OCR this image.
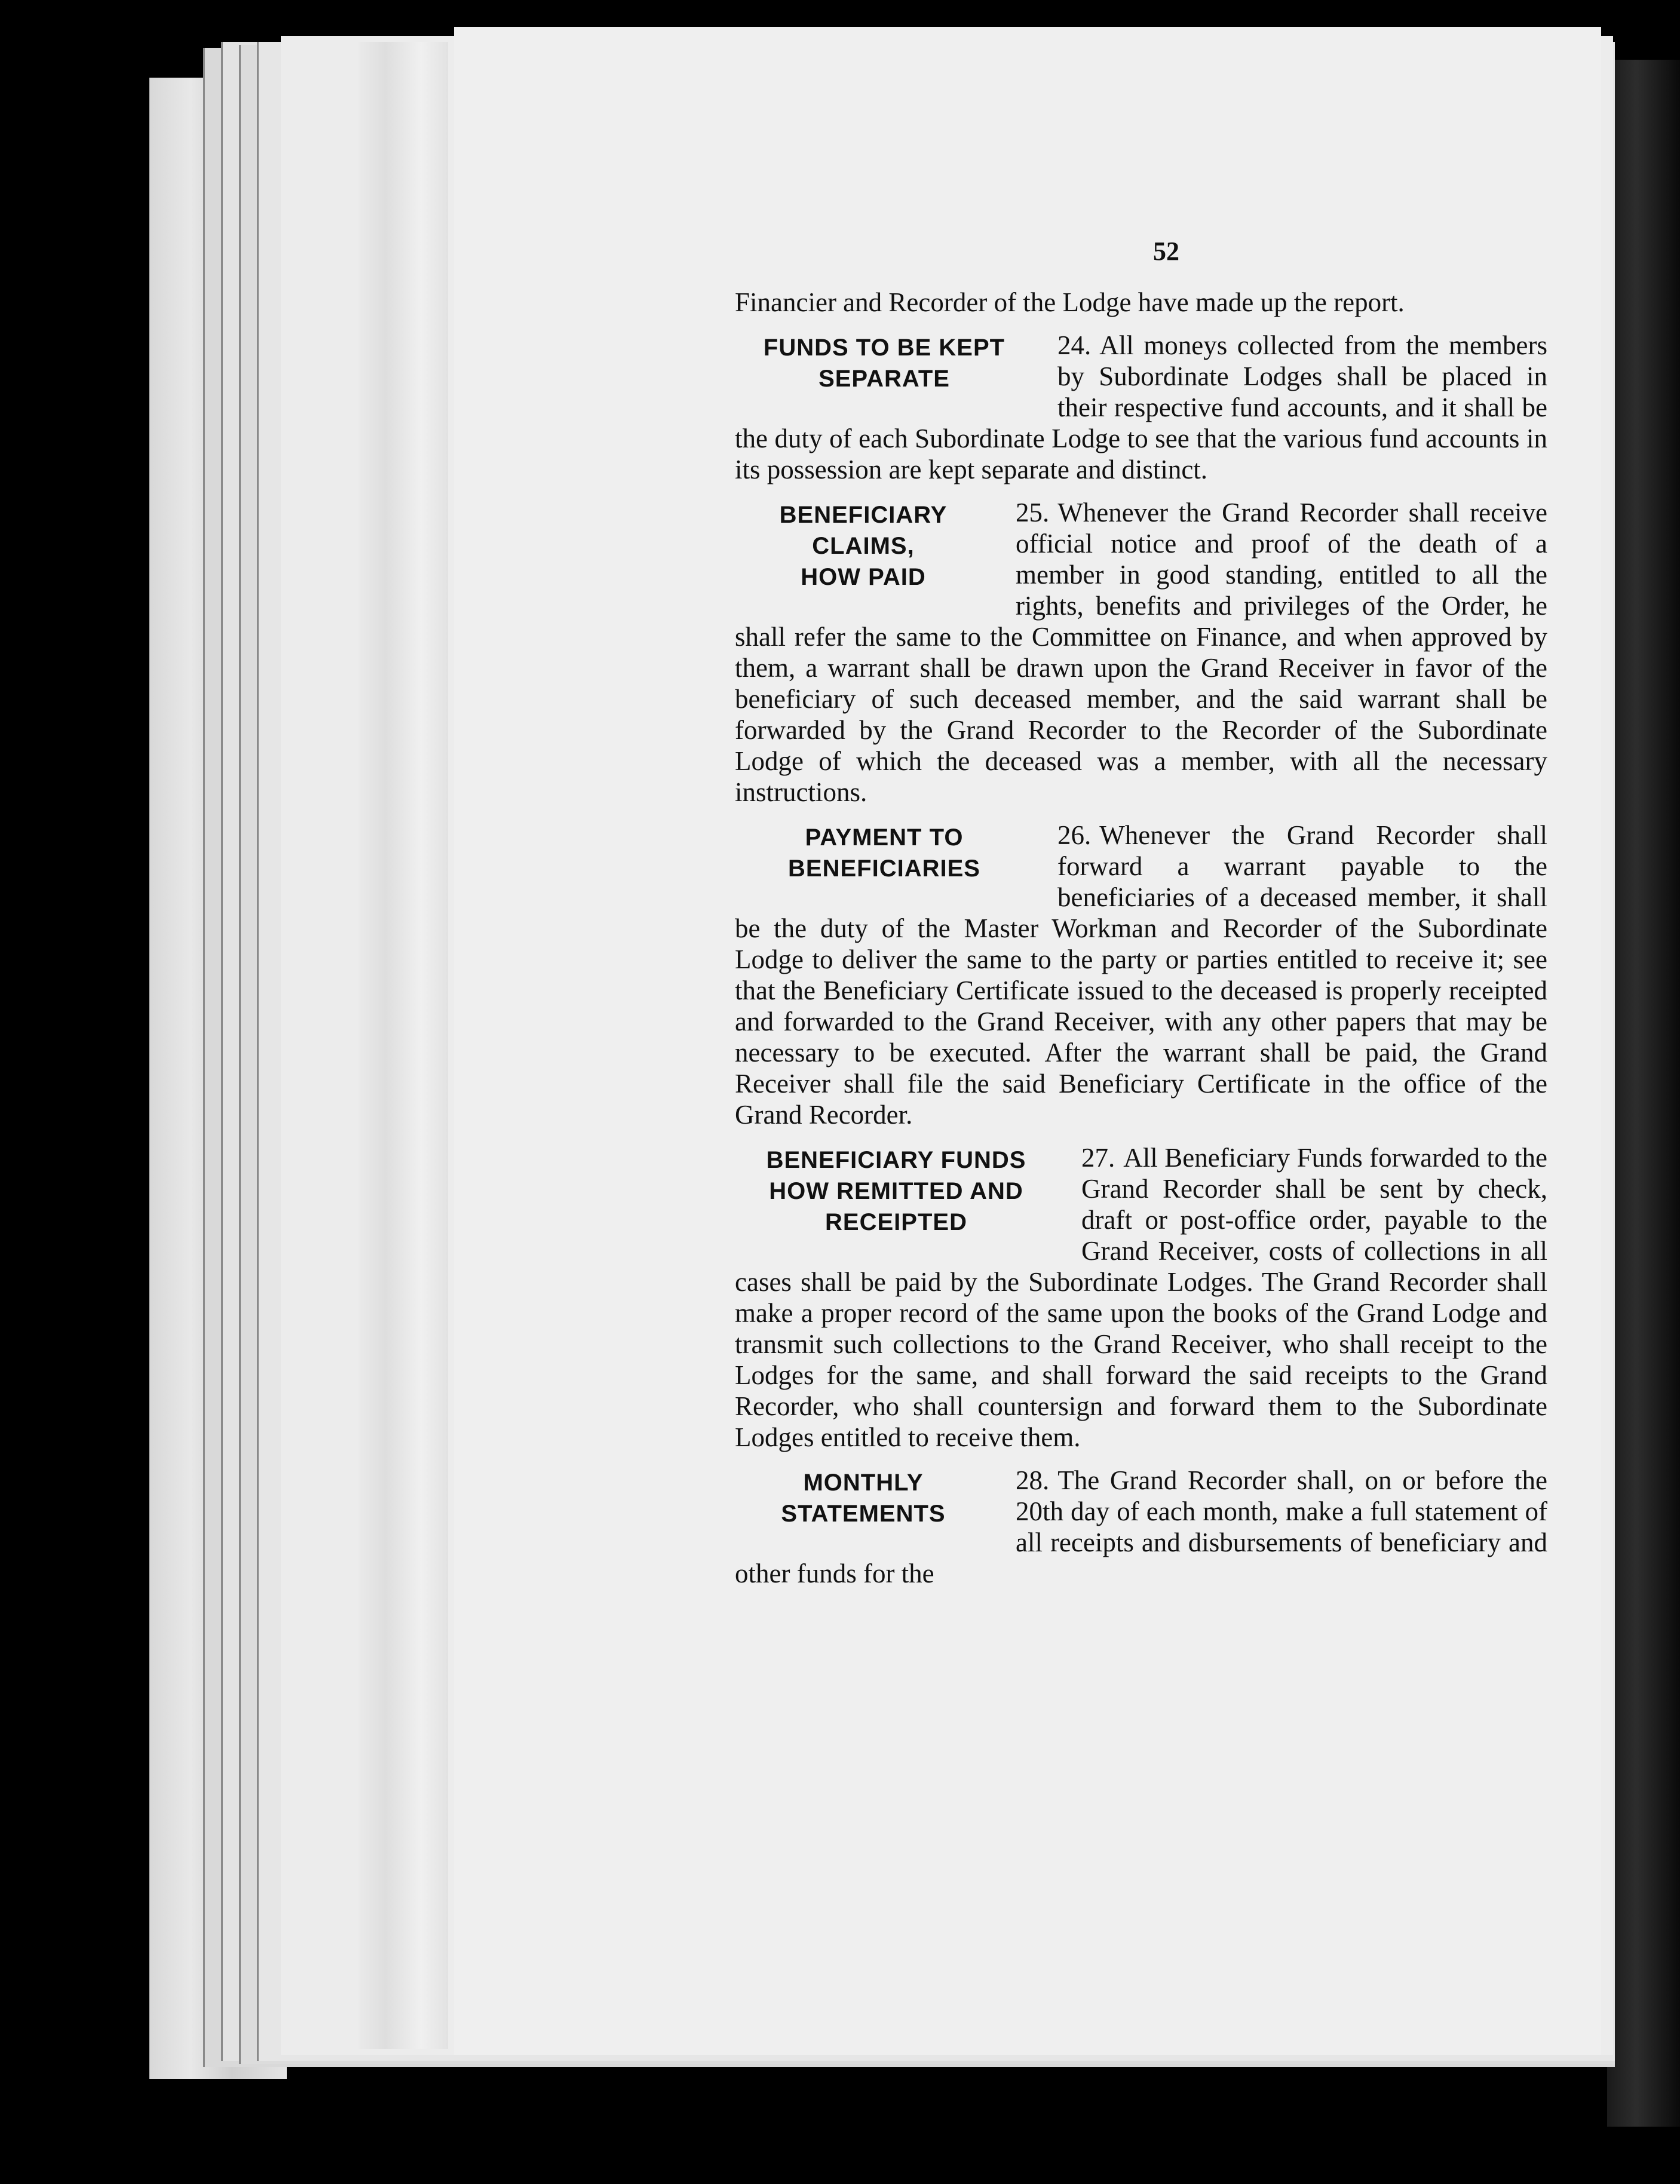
52

Financier and Recorder of the Lodge have made up the report.

FUNDS TO BE KEPT
SEPARATE

24. All moneys collected from the members by Subordinate Lodges shall be placed in their respective fund accounts, and it shall be the duty of each Subordinate Lodge to see that the various fund accounts in its possession are kept separate and distinct.

BENEFICIARY
CLAIMS,
HOW PAID

25. Whenever the Grand Recorder shall receive official notice and proof of the death of a member in good standing, entitled to all the rights, benefits and privileges of the Order, he shall refer the same to the Committee on Finance, and when approved by them, a warrant shall be drawn upon the Grand Receiver in favor of the beneficiary of such deceased member, and the said warrant shall be forwarded by the Grand Recorder to the Recorder of the Subordinate Lodge of which the deceased was a member, with all the necessary instructions.

PAYMENT TO
BENEFICIARIES

26. Whenever the Grand Recorder shall forward a warrant payable to the beneficiaries of a deceased member, it shall be the duty of the Master Workman and Recorder of the Subordinate Lodge to deliver the same to the party or parties entitled to receive it; see that the Beneficiary Certificate issued to the deceased is properly receipted and forwarded to the Grand Receiver, with any other papers that may be necessary to be executed. After the warrant shall be paid, the Grand Receiver shall file the said Beneficiary Certificate in the office of the Grand Recorder.

BENEFICIARY FUNDS
HOW REMITTED AND
RECEIPTED

27. All Beneficiary Funds forwarded to the Grand Recorder shall be sent by check, draft or post-office order, payable to the Grand Receiver, costs of collections in all cases shall be paid by the Subordinate Lodges. The Grand Recorder shall make a proper record of the same upon the books of the Grand Lodge and transmit such collections to the Grand Receiver, who shall receipt to the Lodges for the same, and shall forward the said receipts to the Grand Recorder, who shall countersign and forward them to the Subordinate Lodges entitled to receive them.

MONTHLY
STATEMENTS

28. The Grand Recorder shall, on or before the 20th day of each month, make a full statement of all receipts and disbursements of beneficiary and other funds for the
